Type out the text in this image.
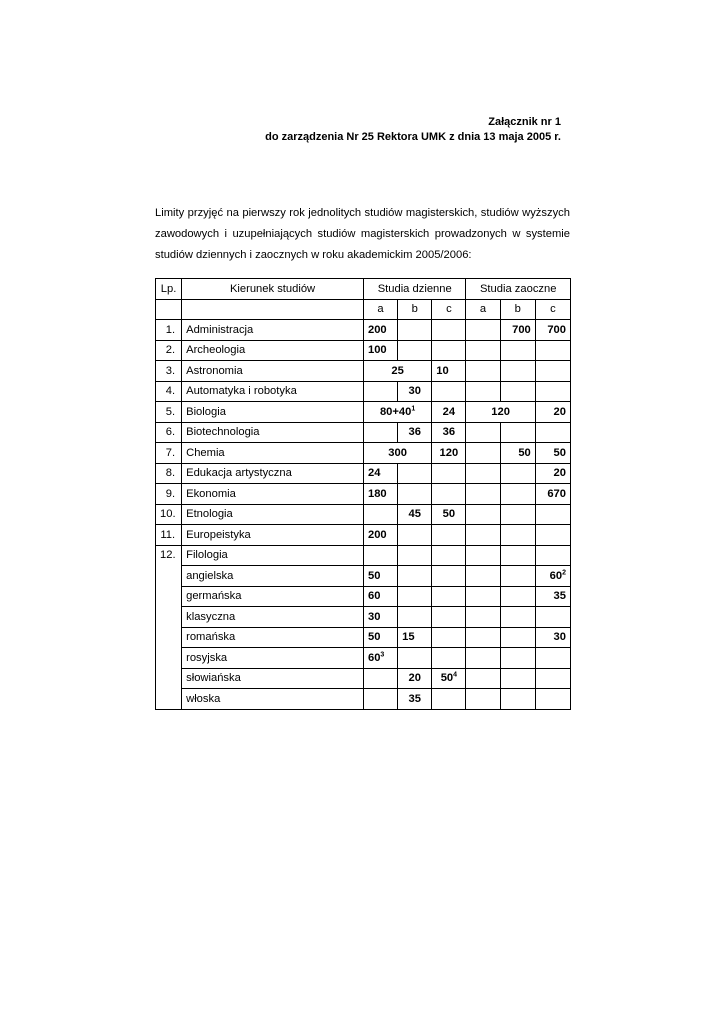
Załącznik nr 1
do zarządzenia Nr 25 Rektora UMK z dnia 13 maja 2005 r.
Limity przyjęć na pierwszy rok jednolitych studiów magisterskich, studiów wyższych zawodowych i uzupełniających studiów magisterskich prowadzonych w systemie studiów dziennych i zaocznych w roku akademickim 2005/2006:
Lp.	Kierunek studiów	Studia dzienne			Studia zaoczne		
		a	b	c	a	b	c
1.	Administracja	200				700	700
2.	Archeologia	100					
3.	Astronomia	25		10			
4.	Automatyka i robotyka		30				
5.	Biologia	$80+40^1$		24	120		20
6.	Biotechnologia		36	36			
7.	Chemia	300		120		50	50
8.	Edukacja artystyczna	24					20
9.	Ekonomia	180					670
10.	Etnologia		45	50			
11.	Europeistyka	200					
12.	Filologia						
	angielska	50					$60^2$
	germańska	60					35
	klasyczna	30					
	romańska	50	15				30
	rosyjska	$60^3$					
	słowiańska		20	$50^4$			
	włoska		35				
